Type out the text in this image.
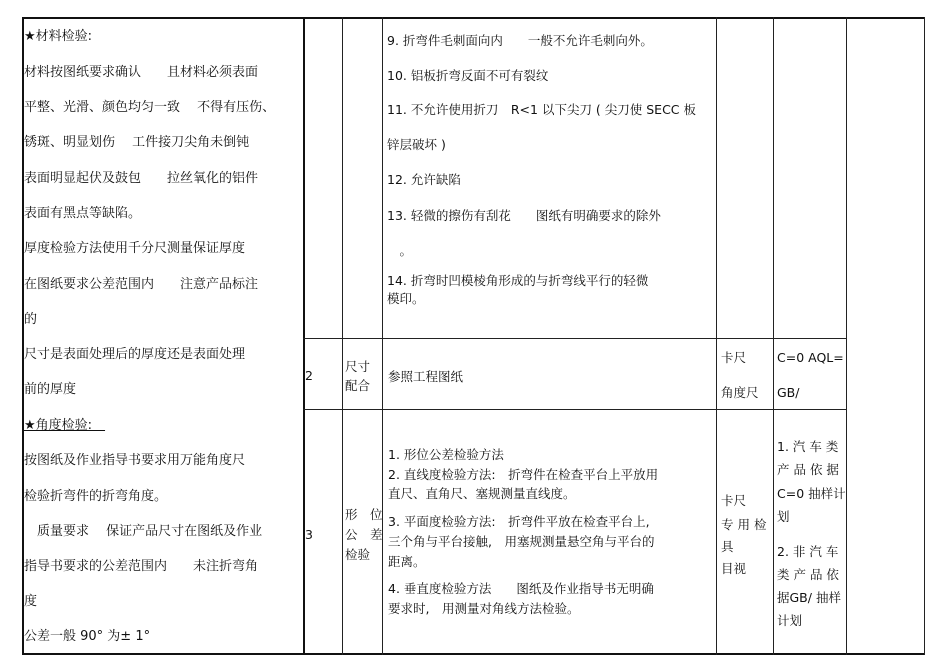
★材料检验:
材料按图纸要求确认　　且材料必须表面
平整、光滑、颜色均匀一致　 不得有压伤、
锈斑、明显划伤　 工件接刀尖角未倒钝
表面明显起伏及鼓包　　拉丝氧化的铝件
表面有黑点等缺陷。
厚度检验方法使用千分尺测量保证厚度
在图纸要求公差范围内　　注意产品标注
的
尺寸是表面处理后的厚度还是表面处理
前的厚度
★角度检验:　
按图纸及作业指导书要求用万能角度尺
检验折弯件的折弯角度。
　质量要求　 保证产品尺寸在图纸及作业
指导书要求的公差范围内　　未注折弯角
度
公差一般 90° 为± 1°
9. 折弯件毛刺面向内　　一般不允许毛刺向外。
10. 铝板折弯反面不可有裂纹
11. 不允许使用折刀　R<1 以下尖刀 ( 尖刀使 SECC 板
锌层破坏 )
12. 允许缺陷
13. 轻微的擦伤有刮花　　图纸有明确要求的除外
　。
14. 折弯时凹模棱角形成的与折弯线平行的轻微
模印。
2
尺寸
配合
参照工程图纸
卡尺
角度尺
C=0 AQL=
GB/
3
形　位
公　差
检验
1. 形位公差检验方法
2. 直线度检验方法:　折弯件在检查平台上平放用
直尺、直角尺、塞规测量直线度。
3. 平面度检验方法:　折弯件平放在检查平台上,
三个角与平台接触,　用塞规测量悬空角与平台的
距离。
4. 垂直度检验方法　　图纸及作业指导书无明确
要求时,　用测量对角线方法检验。
卡尺
专 用 检
具
目视
1. 汽 车 类
产 品 依 据
C=0 抽样计
划
2. 非 汽 车
类 产 品 依
据GB/ 抽样
计划
